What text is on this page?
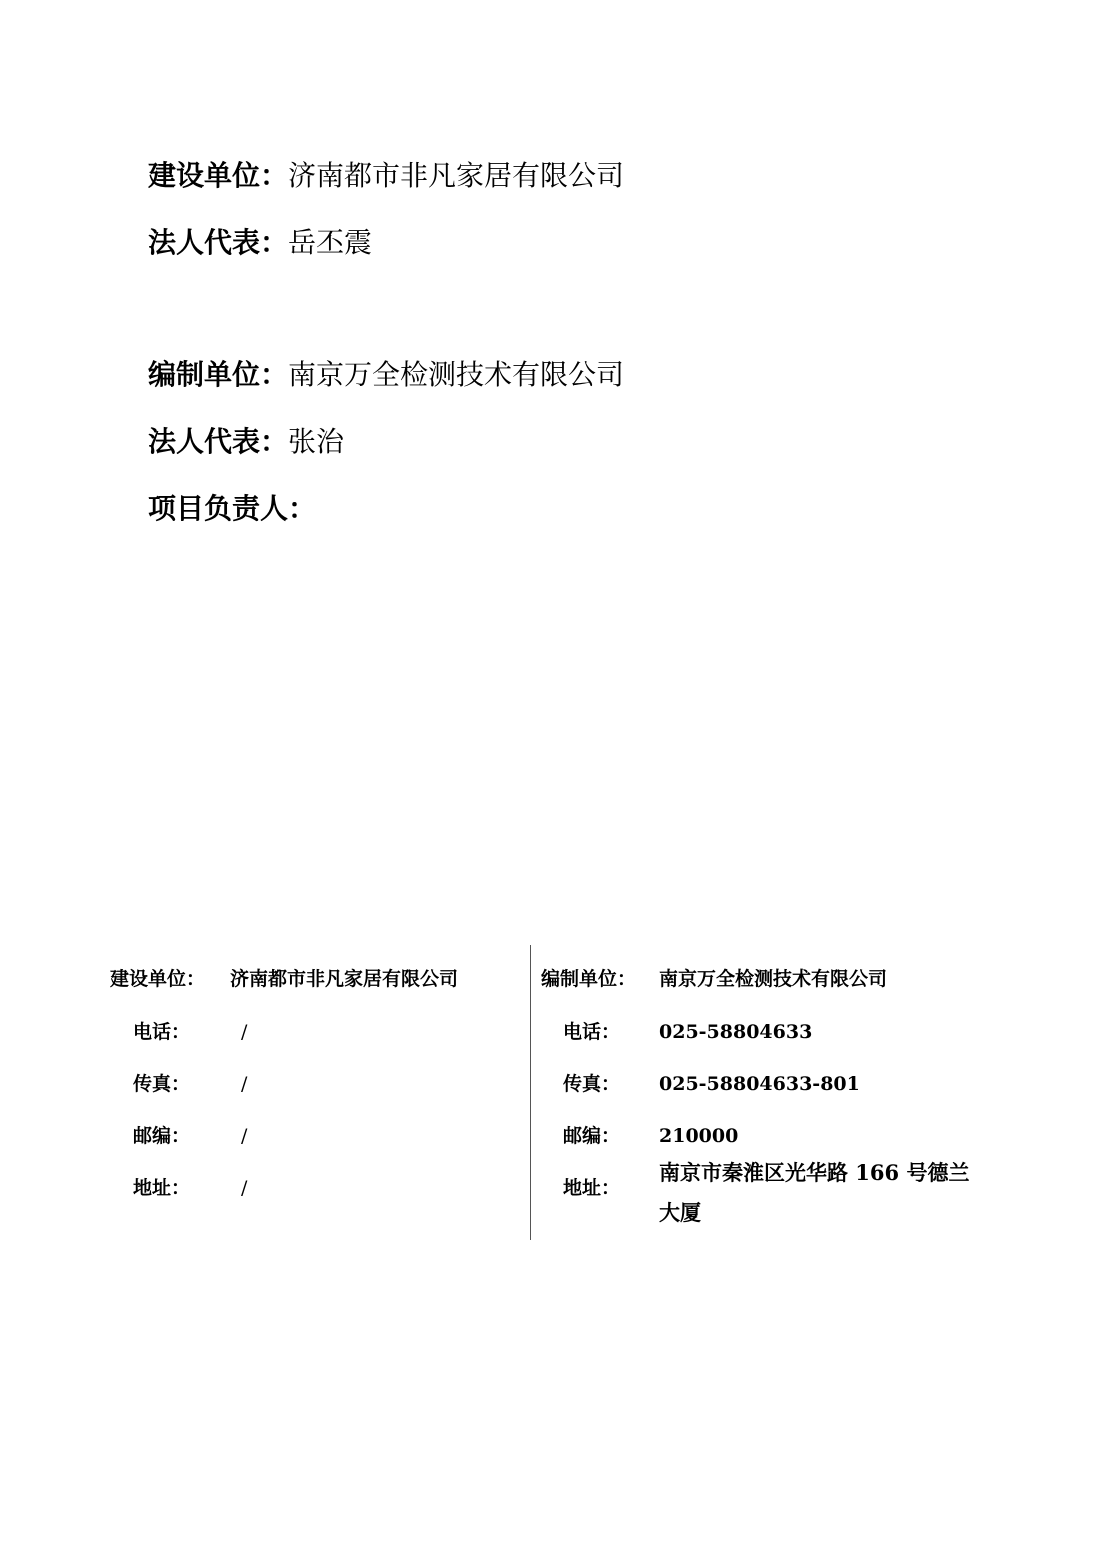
建设单位：济南都市非凡家居有限公司
法人代表：岳丕震
编制单位：南京万全检测技术有限公司
法人代表：张治
项目负责人：
建设单位： 济南都市非凡家居有限公司
电话：	/
传真：	/
邮编：	/
地址：	/
编制单位： 南京万全检测技术有限公司
电话： 025-58804633
传真： 025-58804633-801
邮编： 210000
地址：
南京市秦淮区光华路 166 号德兰大厦
